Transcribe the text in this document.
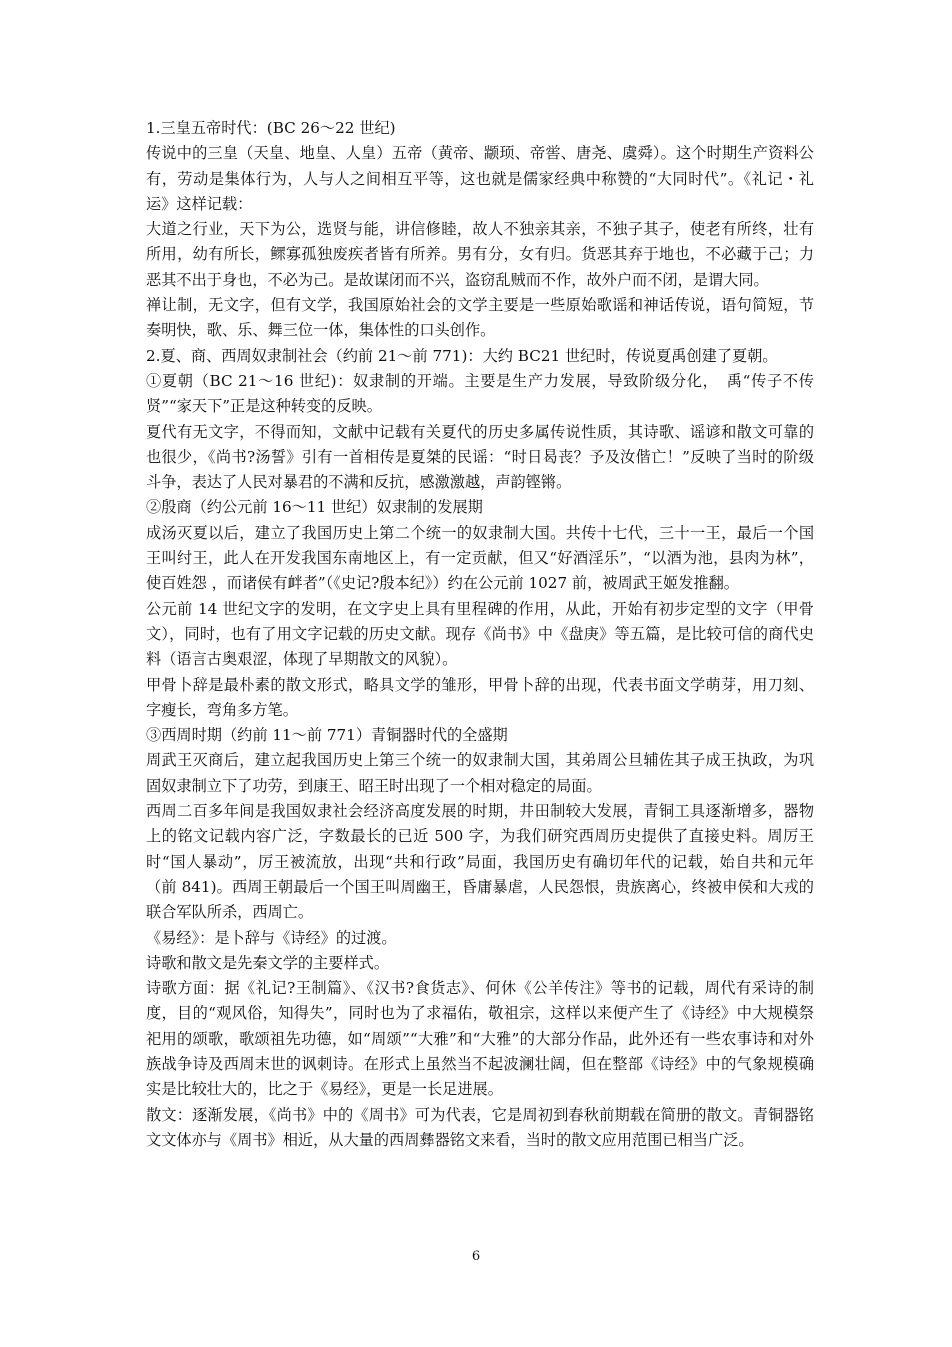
1.三皇五帝时代：(BC 26～22 世纪)

传说中的三皇（天皇、地皇、人皇）五帝（黄帝、颛顼、帝喾、唐尧、虞舜）。这个时期生产资料公有，劳动是集体行为，人与人之间相互平等，这也就是儒家经典中称赞的“大同时代”。《礼记・礼运》这样记载：

大道之行业，天下为公，选贤与能，讲信修睦，故人不独亲其亲，不独子其子，使老有所终，壮有所用，幼有所长，鳏寡孤独废疾者皆有所养。男有分，女有归。货恶其弃于地也，不必藏于己；力恶其不出于身也，不必为己。是故谋闭而不兴，盗窃乱贼而不作，故外户而不闭，是谓大同。

禅让制，无文字，但有文学，我国原始社会的文学主要是一些原始歌谣和神话传说，语句简短，节奏明快，歌、乐、舞三位一体，集体性的口头创作。

2.夏、商、西周奴隶制社会（约前 21～前 771)：大约 BC21 世纪时，传说夏禹创建了夏朝。

①夏朝（BC 21～16 世纪)：奴隶制的开端。主要是生产力发展，导致阶级分化，　禹“传子不传贤”“家天下”正是这种转变的反映。

夏代有无文字，不得而知，文献中记载有关夏代的历史多属传说性质，其诗歌、谣谚和散文可靠的也很少，《尚书?汤誓》引有一首相传是夏桀的民谣：“时日曷丧？予及汝偕亡！”反映了当时的阶级斗争，表达了人民对暴君的不满和反抗，感激激越，声韵铿锵。

②殷商（约公元前 16～11 世纪）奴隶制的发展期

成汤灭夏以后，建立了我国历史上第二个统一的奴隶制大国。共传十七代，三十一王，最后一个国王叫纣王，此人在开发我国东南地区上，有一定贡献，但又“好酒淫乐”，“以酒为池，县肉为林”，使百姓怨 ，而诸侯有衅者”（《史记?殷本纪》）约在公元前 1027 前，被周武王姬发推翻。

公元前 14 世纪文字的发明，在文字史上具有里程碑的作用，从此，开始有初步定型的文字（甲骨文），同时，也有了用文字记载的历史文献。现存《尚书》中《盘庚》等五篇，是比较可信的商代史料（语言古奥艰涩，体现了早期散文的风貌）。

甲骨卜辞是最朴素的散文形式，略具文学的雏形，甲骨卜辞的出现，代表书面文学萌芽，用刀刻、字瘦长，弯角多方笔。

③西周时期（约前 11～前 771）青铜器时代的全盛期

周武王灭商后，建立起我国历史上第三个统一的奴隶制大国，其弟周公旦辅佐其子成王执政，为巩固奴隶制立下了功劳，到康王、昭王时出现了一个相对稳定的局面。

西周二百多年间是我国奴隶社会经济高度发展的时期，井田制较大发展，青铜工具逐渐增多，器物上的铭文记载内容广泛，字数最长的已近 500 字，为我们研究西周历史提供了直接史料。周厉王时“国人暴动”，厉王被流放，出现“共和行政”局面，我国历史有确切年代的记载，始自共和元年（前 841)。西周王朝最后一个国王叫周幽王，昏庸暴虐，人民怨恨，贵族离心，终被申侯和大戎的联合军队所杀，西周亡。

《易经》：是卜辞与《诗经》的过渡。

诗歌和散文是先秦文学的主要样式。

诗歌方面：据《礼记?王制篇》、《汉书?食货志》、何休《公羊传注》等书的记载，周代有采诗的制度，目的“观风俗，知得失”，同时也为了求福佑，敬祖宗，这样以来便产生了《诗经》中大规模祭祀用的颂歌，歌颂祖先功德，如“周颂”“大雅”和“大雅”的大部分作品，此外还有一些农事诗和对外族战争诗及西周末世的讽刺诗。在形式上虽然当不起波澜壮阔，但在整部《诗经》中的气象规模确实是比较壮大的，比之于《易经》，更是一长足进展。

散文：逐渐发展，《尚书》中的《周书》可为代表，它是周初到春秋前期载在简册的散文。青铜器铭文文体亦与《周书》相近，从大量的西周彝器铭文来看，当时的散文应用范围已相当广泛。

6
